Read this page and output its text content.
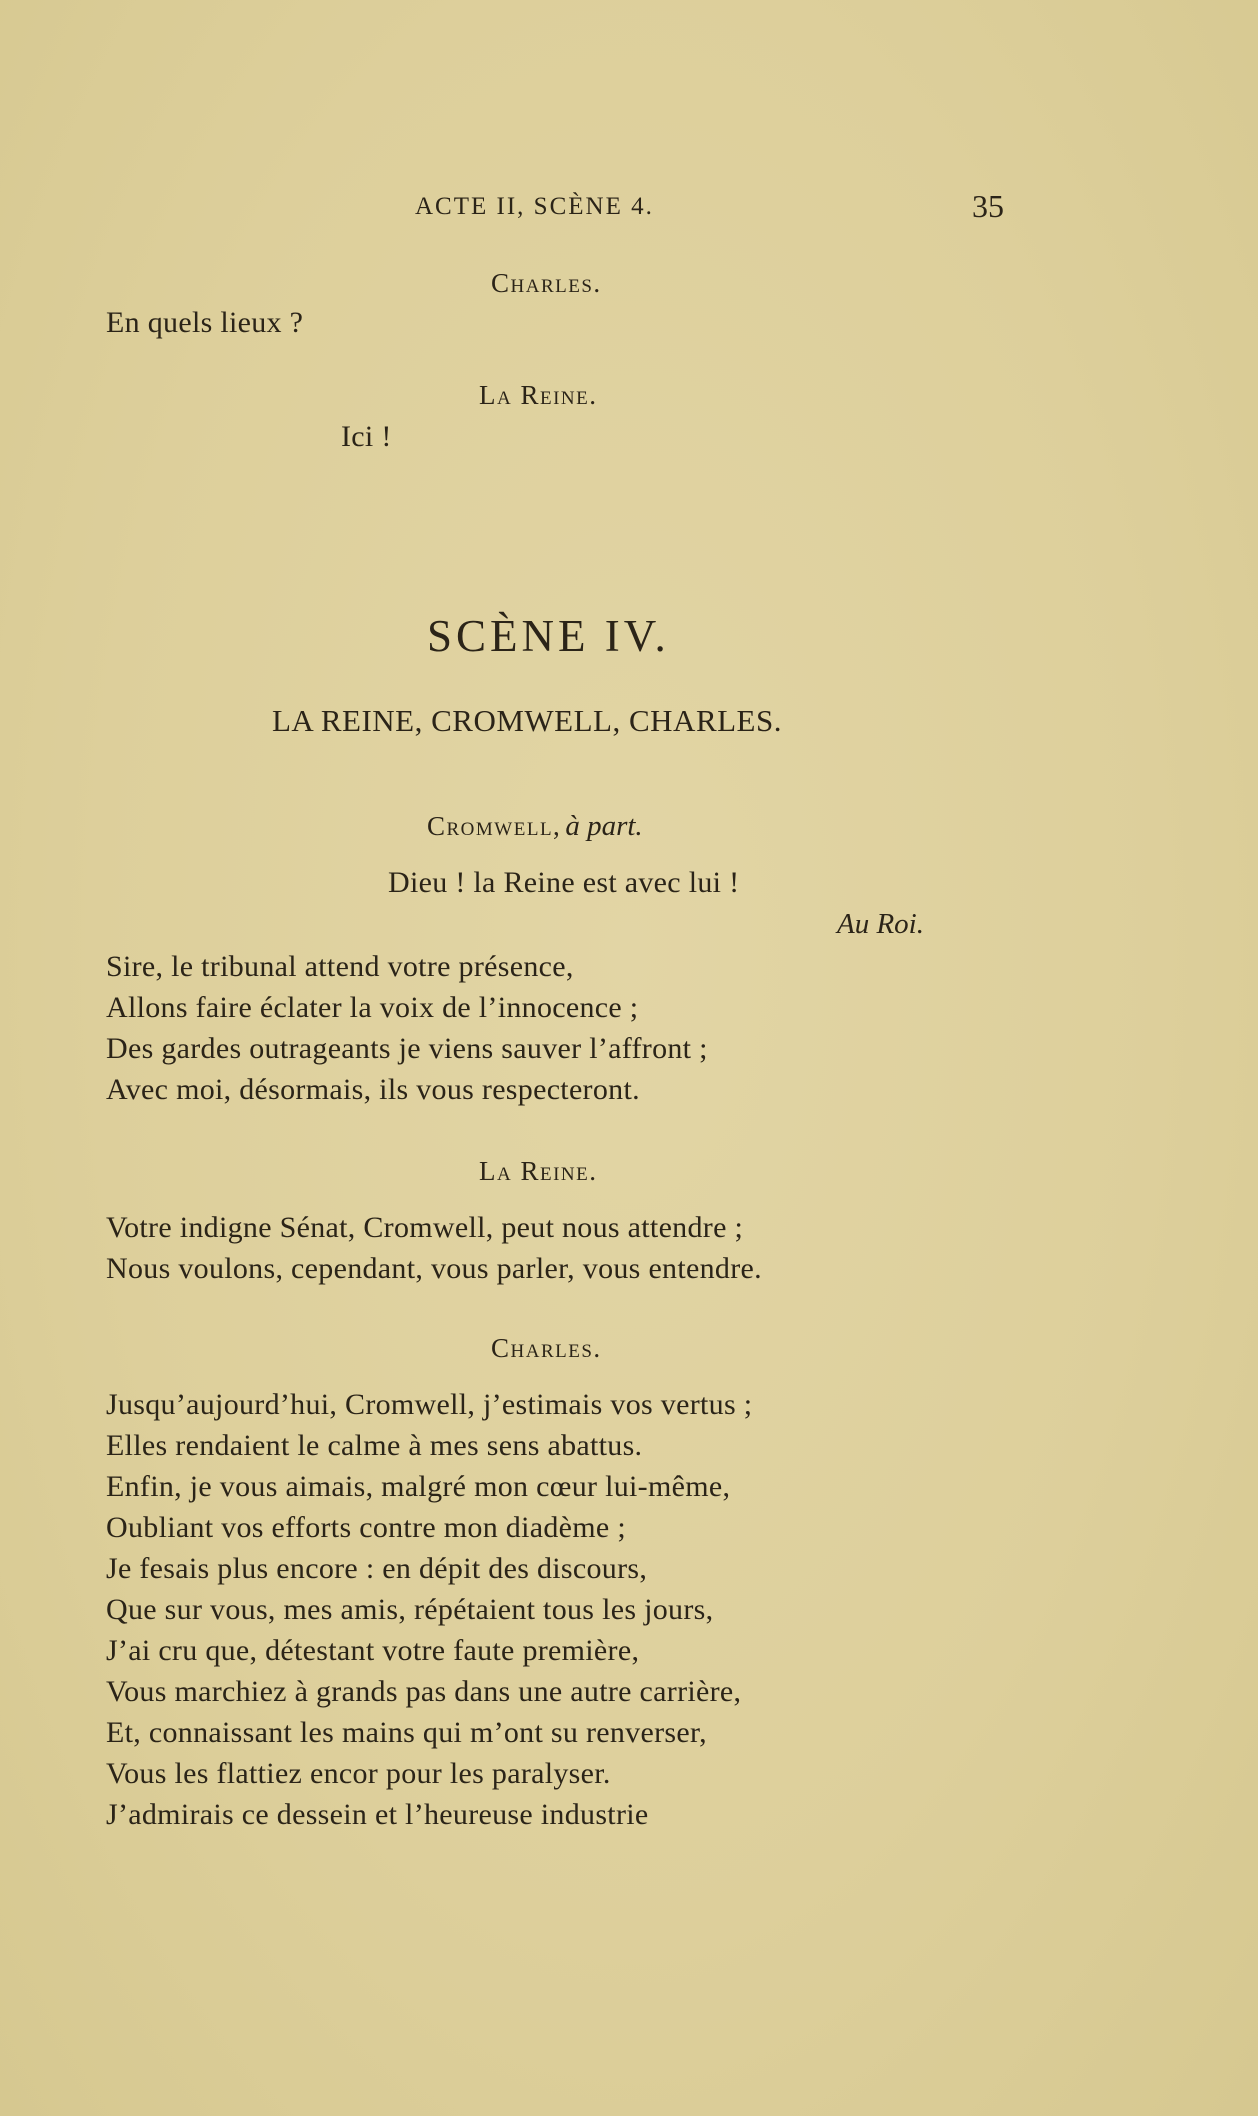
ACTE II, SCÈNE 4.	35
Charles.
En quels lieux ?
La Reine.
Ici !
SCÈNE IV.
LA REINE, CROMWELL, CHARLES.
Cromwell, à part.
Dieu ! la Reine est avec lui !
Au Roi.
Sire, le tribunal attend votre présence,
Allons faire éclater la voix de l’innocence ;
Des gardes outrageants je viens sauver l’affront ;
Avec moi, désormais, ils vous respecteront.
La Reine.
Votre indigne Sénat, Cromwell, peut nous attendre ;
Nous voulons, cependant, vous parler, vous entendre.
Charles.
Jusqu’aujourd’hui, Cromwell, j’estimais vos vertus ;
Elles rendaient le calme à mes sens abattus.
Enfin, je vous aimais, malgré mon cœur lui-même,
Oubliant vos efforts contre mon diadème ;
Je fesais plus encore : en dépit des discours,
Que sur vous, mes amis, répétaient tous les jours,
J’ai cru que, détestant votre faute première,
Vous marchiez à grands pas dans une autre carrière,
Et, connaissant les mains qui m’ont su renverser,
Vous les flattiez encor pour les paralyser.
J’admirais ce dessein et l’heureuse industrie
